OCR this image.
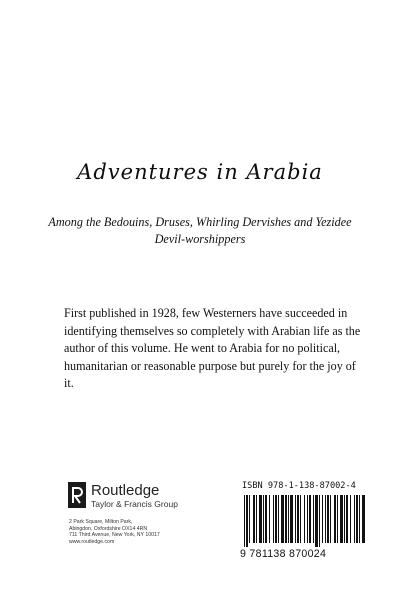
Adventures in Arabia
Among the Bedouins, Druses, Whirling Dervishes and Yezidee Devil-worshippers
First published in 1928, few Westerners have succeeded in identifying themselves so completely with Arabian life as the author of this volume. He went to Arabia for no political, humanitarian or reasonable purpose but purely for the joy of it.
Routledge
Taylor & Francis Group
2 Park Square, Milton Park,
Abingdon, Oxfordshire OX14 4RN
711 Third Avenue, New York, NY 10017
www.routledge.com
ISBN 978-1-138-87002-4
9 781138 870024
